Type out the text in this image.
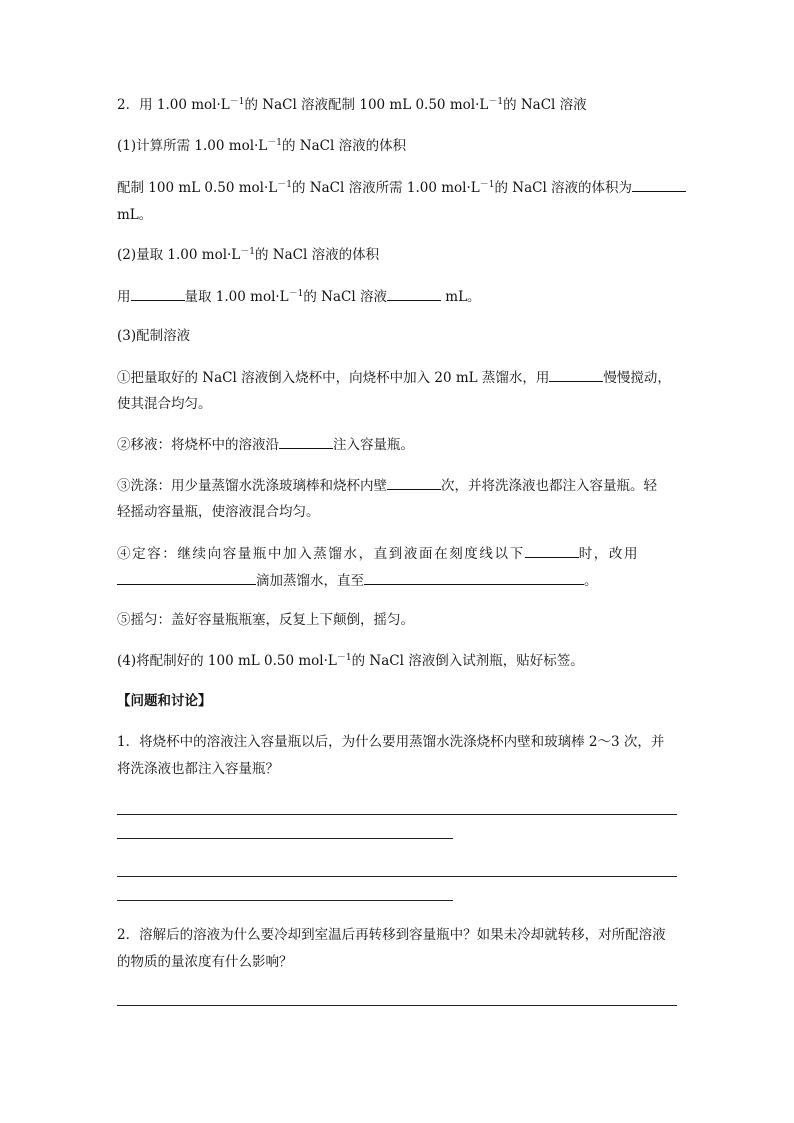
2．用 1.00 $mol\cdot L^{-1}$的 NaCl 溶液配制 100 mL 0.50 $mol\cdot L^{-1}$的 NaCl 溶液
(1)计算所需 1.00 $mol\cdot L^{-1}$的 NaCl 溶液的体积
配制 100 mL 0.50 $mol\cdot L^{-1}$的 NaCl 溶液所需 1.00 $mol\cdot L^{-1}$的 NaCl 溶液的体积为
mL。
(2)量取 1.00 $mol\cdot L^{-1}$的 NaCl 溶液的体积
用	量取 1.00 $mol\cdot L^{-1}$的 NaCl 溶液	mL。
(3)配制溶液
①把量取好的 NaCl 溶液倒入烧杯中，向烧杯中加入 20 mL 蒸馏水，用	慢慢搅动，
使其混合均匀。
②移液：将烧杯中的溶液沿	注入容量瓶。
③洗涤：用少量蒸馏水洗涤玻璃棒和烧杯内壁	次，并将洗涤液也都注入容量瓶。轻
轻摇动容量瓶，使溶液混合均匀。
④定容：继续向容量瓶中加入蒸馏水，直到液面在刻度线以下	时，改用
滴加蒸馏水，直至	。
⑤摇匀：盖好容量瓶瓶塞，反复上下颠倒，摇匀。
(4)将配制好的 100 mL 0.50 $mol\cdot L^{-1}$的 NaCl 溶液倒入试剂瓶，贴好标签。
【问题和讨论】
1．将烧杯中的溶液注入容量瓶以后，为什么要用蒸馏水洗涤烧杯内壁和玻璃棒 2～3 次，并
将洗涤液也都注入容量瓶？
2．溶解后的溶液为什么要冷却到室温后再转移到容量瓶中？如果未冷却就转移，对所配溶液
的物质的量浓度有什么影响？
